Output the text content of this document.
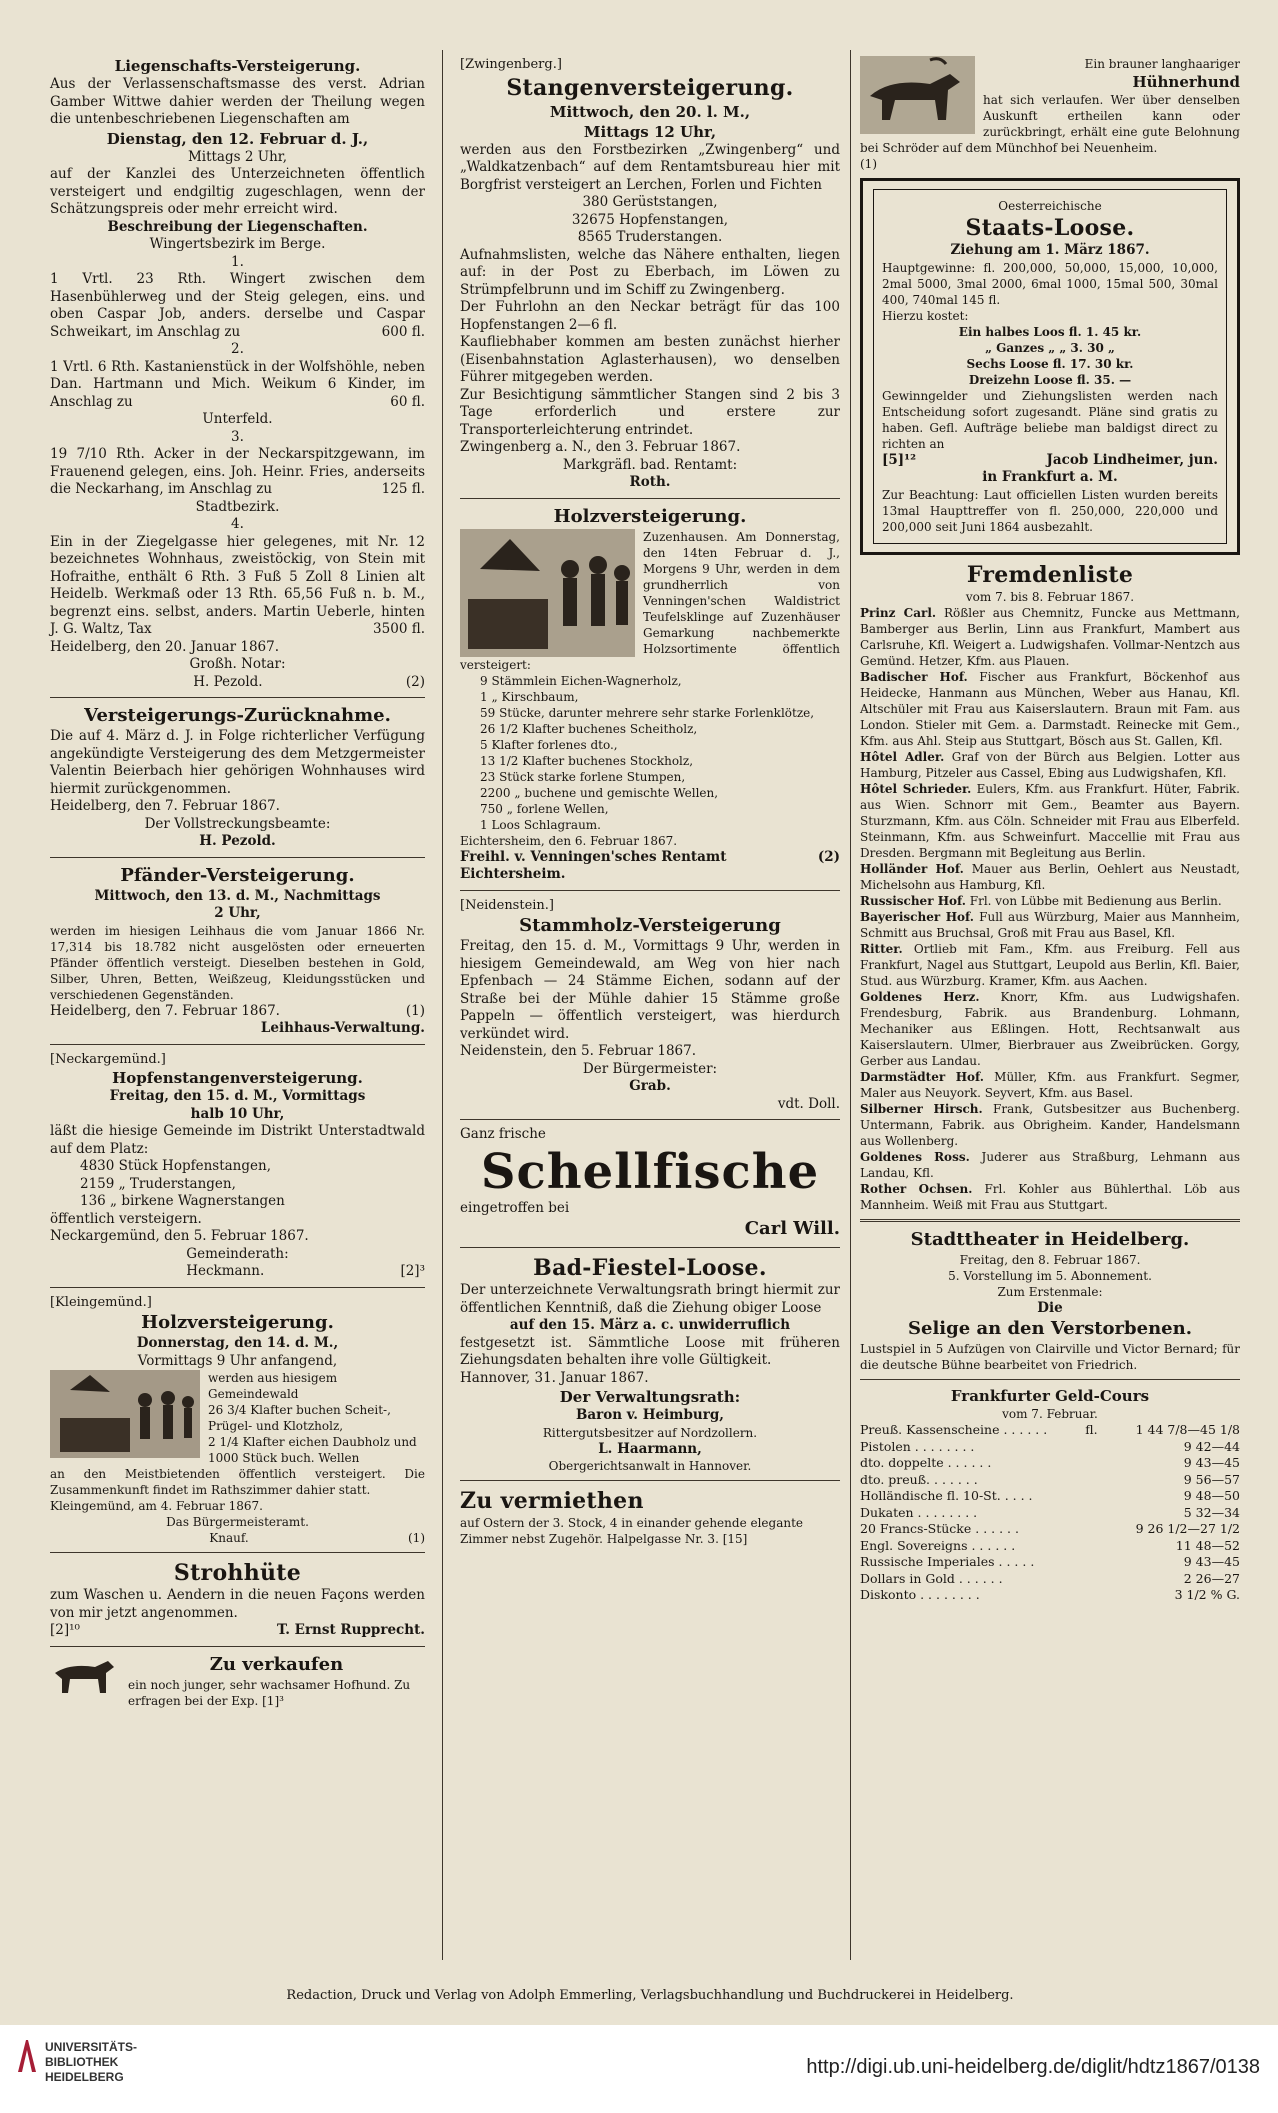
Liegenschafts-Versteigerung.
Aus der Verlassenschaftsmasse des verst. Adrian Gamber Wittwe dahier werden der Theilung wegen die untenbeschriebenen Liegenschaften am
Dienstag, den 12. Februar d. J.,
Mittags 2 Uhr,
auf der Kanzlei des Unterzeichneten öffentlich versteigert und endgiltig zugeschlagen, wenn der Schätzungspreis oder mehr erreicht wird.
Beschreibung der Liegenschaften.
Wingertsbezirk im Berge.
1.
1 Vrtl. 23 Rth. Wingert zwischen dem Hasenbühlerweg und der Steig gelegen, eins. und oben Caspar Job, anders. derselbe und Caspar Schweikart, im Anschlag zu	600 fl.
2.
1 Vrtl. 6 Rth. Kastanienstück in der Wolfshöhle, neben Dan. Hartmann und Mich. Weikum 6 Kinder, im Anschlag zu	60 fl.
Unterfeld.
3.
19 7/10 Rth. Acker in der Neckarspitzgewann, im Frauenend gelegen, eins. Joh. Heinr. Fries, anderseits die Neckarhang, im Anschlag zu	125 fl.
Stadtbezirk.
4.
Ein in der Ziegelgasse hier gelegenes, mit Nr. 12 bezeichnetes Wohnhaus, zweistöckig, von Stein mit Hofraithe, enthält 6 Rth. 3 Fuß 5 Zoll 8 Linien alt Heidelb. Werkmaß oder 13 Rth. 65,56 Fuß n. b. M., begrenzt eins. selbst, anders. Martin Ueberle, hinten J. G. Waltz, Tax	3500 fl.
Heidelberg, den 20. Januar 1867.
Großh. Notar:
H. Pezold.	(2)
Versteigerungs-Zurücknahme.
Die auf 4. März d. J. in Folge richterlicher Verfügung angekündigte Versteigerung des dem Metzgermeister Valentin Beierbach hier gehörigen Wohnhauses wird hiermit zurückgenommen.
Heidelberg, den 7. Februar 1867.
Der Vollstreckungsbeamte:
H. Pezold.
Pfänder-Versteigerung.
Mittwoch, den 13. d. M., Nachmittags
2 Uhr,
werden im hiesigen Leihhaus die vom Januar 1866 Nr. 17,314 bis 18.782 nicht ausgelösten oder erneuerten Pfänder öffentlich versteigt. Dieselben bestehen in Gold, Silber, Uhren, Betten, Weißzeug, Kleidungsstücken und verschiedenen Gegenständen.
Heidelberg, den 7. Februar 1867.	(1)
Leihhaus-Verwaltung.
[Neckargemünd.]
Hopfenstangenversteigerung.
Freitag, den 15. d. M., Vormittags
halb 10 Uhr,
läßt die hiesige Gemeinde im Distrikt Unterstadtwald auf dem Platz:
4830 Stück Hopfenstangen,
2159 „ Truderstangen,
136 „ birkene Wagnerstangen
öffentlich versteigern.
Neckargemünd, den 5. Februar 1867.
Gemeinderath:
Heckmann.	[2]³
[Kleingemünd.]
Holzversteigerung.
Donnerstag, den 14. d. M.,
Vormittags 9 Uhr anfangend,
werden aus hiesigem Gemeindewald
26 3/4 Klafter buchen Scheit-, Prügel- und Klotzholz,
2 1/4 Klafter eichen Daubholz und
1000 Stück buch. Wellen
an den Meistbietenden öffentlich versteigert. Die Zusammenkunft findet im Rathszimmer dahier statt.
Kleingemünd, am 4. Februar 1867.
Das Bürgermeisteramt.
Knauf.	(1)
Strohhüte
zum Waschen u. Aendern in die neuen Façons werden von mir jetzt angenommen.
[2]¹⁰	T. Ernst Rupprecht.
Zu verkaufen
ein noch junger, sehr wachsamer Hofhund. Zu erfragen bei der Exp. [1]³
[Zwingenberg.]
Stangenversteigerung.
Mittwoch, den 20. l. M.,
Mittags 12 Uhr,
werden aus den Forstbezirken „Zwingenberg“ und „Waldkatzenbach“ auf dem Rentamtsbureau hier mit Borgfrist versteigert an Lerchen, Forlen und Fichten
380 Gerüststangen,
32675 Hopfenstangen,
8565 Truderstangen.
Aufnahmslisten, welche das Nähere enthalten, liegen auf: in der Post zu Eberbach, im Löwen zu Strümpfelbrunn und im Schiff zu Zwingenberg.
Der Fuhrlohn an den Neckar beträgt für das 100 Hopfenstangen 2—6 fl.
Kaufliebhaber kommen am besten zunächst hierher (Eisenbahnstation Aglasterhausen), wo denselben Führer mitgegeben werden.
Zur Besichtigung sämmtlicher Stangen sind 2 bis 3 Tage erforderlich und erstere zur Transporterleichterung entrindet.
Zwingenberg a. N., den 3. Februar 1867.
Markgräfl. bad. Rentamt:
Roth.
Holzversteigerung.
Zuzenhausen. Am Donnerstag, den 14ten Februar d. J., Morgens 9 Uhr, werden in dem grundherrlich von Venningen'schen Waldistrict Teufelsklinge auf Zuzenhäuser Gemarkung nachbemerkte Holzsortimente öffentlich versteigert:
9 Stämmlein Eichen-Wagnerholz,
1 „ Kirschbaum,
59 Stücke, darunter mehrere sehr starke Forlenklötze,
26 1/2 Klafter buchenes Scheitholz,
5 Klafter forlenes dto.,
13 1/2 Klafter buchenes Stockholz,
23 Stück starke forlene Stumpen,
2200 „ buchene und gemischte Wellen,
750 „ forlene Wellen,
1 Loos Schlagraum.
Eichtersheim, den 6. Februar 1867.
Freihl. v. Venningen'sches Rentamt Eichtersheim.
(2)
[Neidenstein.]
Stammholz-Versteigerung
Freitag, den 15. d. M., Vormittags 9 Uhr, werden in hiesigem Gemeindewald, am Weg von hier nach Epfenbach — 24 Stämme Eichen, sodann auf der Straße bei der Mühle dahier 15 Stämme große Pappeln — öffentlich versteigert, was hierdurch verkündet wird.
Neidenstein, den 5. Februar 1867.
Der Bürgermeister:
Grab.
vdt. Doll.
Ganz frische
Schellfische
eingetroffen bei
Carl Will.
Bad-Fiestel-Loose.
Der unterzeichnete Verwaltungsrath bringt hiermit zur öffentlichen Kenntniß, daß die Ziehung obiger Loose
auf den 15. März a. c. unwiderruflich
festgesetzt ist. Sämmtliche Loose mit früheren Ziehungsdaten behalten ihre volle Gültigkeit.
Hannover, 31. Januar 1867.
Der Verwaltungsrath:
Baron v. Heimburg,
Rittergutsbesitzer auf Nordzollern.
L. Haarmann,
Obergerichtsanwalt in Hannover.
Zu vermiethen
auf Ostern der 3. Stock, 4 in einander gehende elegante Zimmer nebst Zugehör. Halpelgasse Nr. 3. [15]
Ein brauner langhaariger
Hühnerhund
hat sich verlaufen. Wer über denselben Auskunft ertheilen kann oder zurückbringt, erhält eine gute Belohnung bei Schröder auf dem Münchhof bei Neuenheim.
(1)
Oesterreichische
Staats-Loose.
Ziehung am 1. März 1867.
Hauptgewinne: fl. 200,000, 50,000, 15,000, 10,000, 2mal 5000, 3mal 2000, 6mal 1000, 15mal 500, 30mal 400, 740mal 145 fl.
Hierzu kostet:
Ein halbes Loos fl. 1. 45 kr.
„ Ganzes „ „ 3. 30 „
Sechs Loose fl. 17. 30 kr.
Dreizehn Loose fl. 35. —
Gewinngelder und Ziehungslisten werden nach Entscheidung sofort zugesandt. Pläne sind gratis zu haben. Gefl. Aufträge beliebe man baldigst direct zu richten an
[5]¹²	Jacob Lindheimer, jun.
in Frankfurt a. M.
Zur Beachtung: Laut officiellen Listen wurden bereits 13mal Haupttreffer von fl. 250,000, 220,000 und 200,000 seit Juni 1864 ausbezahlt.
Fremdenliste
vom 7. bis 8. Februar 1867.
Prinz Carl. Rößler aus Chemnitz, Funcke aus Mettmann, Bamberger aus Berlin, Linn aus Frankfurt, Mambert aus Carlsruhe, Kfl. Weigert a. Ludwigshafen. Vollmar-Nentzch aus Gemünd. Hetzer, Kfm. aus Plauen.
Badischer Hof. Fischer aus Frankfurt, Böckenhof aus Heidecke, Hanmann aus München, Weber aus Hanau, Kfl. Altschüler mit Frau aus Kaiserslautern. Braun mit Fam. aus London. Stieler mit Gem. a. Darmstadt. Reinecke mit Gem., Kfm. aus Ahl. Steip aus Stuttgart, Bösch aus St. Gallen, Kfl.
Hôtel Adler. Graf von der Bürch aus Belgien. Lotter aus Hamburg, Pitzeler aus Cassel, Ebing aus Ludwigshafen, Kfl.
Hôtel Schrieder. Eulers, Kfm. aus Frankfurt. Hüter, Fabrik. aus Wien. Schnorr mit Gem., Beamter aus Bayern. Sturzmann, Kfm. aus Cöln. Schneider mit Frau aus Elberfeld. Steinmann, Kfm. aus Schweinfurt. Maccellie mit Frau aus Dresden. Bergmann mit Begleitung aus Berlin.
Holländer Hof. Mauer aus Berlin, Oehlert aus Neustadt, Michelsohn aus Hamburg, Kfl.
Russischer Hof. Frl. von Lübbe mit Bedienung aus Berlin.
Bayerischer Hof. Full aus Würzburg, Maier aus Mannheim, Schmitt aus Bruchsal, Groß mit Frau aus Basel, Kfl.
Ritter. Ortlieb mit Fam., Kfm. aus Freiburg. Fell aus Frankfurt, Nagel aus Stuttgart, Leupold aus Berlin, Kfl. Baier, Stud. aus Würzburg. Kramer, Kfm. aus Aachen.
Goldenes Herz. Knorr, Kfm. aus Ludwigshafen. Frendesburg, Fabrik. aus Brandenburg. Lohmann, Mechaniker aus Eßlingen. Hott, Rechtsanwalt aus Kaiserslautern. Ulmer, Bierbrauer aus Zweibrücken. Gorgy, Gerber aus Landau.
Darmstädter Hof. Müller, Kfm. aus Frankfurt. Segmer, Maler aus Neuyork. Seyvert, Kfm. aus Basel.
Silberner Hirsch. Frank, Gutsbesitzer aus Buchenberg. Untermann, Fabrik. aus Obrigheim. Kander, Handelsmann aus Wollenberg.
Goldenes Ross. Juderer aus Straßburg, Lehmann aus Landau, Kfl.
Rother Ochsen. Frl. Kohler aus Bühlerthal. Löb aus Mannheim. Weiß mit Frau aus Stuttgart.
Stadttheater in Heidelberg.
Freitag, den 8. Februar 1867.
5. Vorstellung im 5. Abonnement.
Zum Erstenmale:
Die
Selige an den Verstorbenen.
Lustspiel in 5 Aufzügen von Clairville und Victor Bernard; für die deutsche Bühne bearbeitet von Friedrich.
Frankfurter Geld-Cours
vom 7. Februar.
Preuß. Kassenscheine . . . . . .	fl.	1 44 7/8—45 1/8
Pistolen . . . . . . . .	9 42—44
dto. doppelte . . . . . .	9 43—45
dto. preuß. . . . . . .	9 56—57
Holländische fl. 10-St. . . . .	9 48—50
Dukaten . . . . . . . .	5 32—34
20 Francs-Stücke . . . . . .	9 26 1/2—27 1/2
Engl. Sovereigns . . . . . .	11 48—52
Russische Imperiales . . . . .	9 43—45
Dollars in Gold . . . . . .	2 26—27
Diskonto . . . . . . . .	3 1/2 % G.
Redaction, Druck und Verlag von Adolph Emmerling, Verlagsbuchhandlung und Buchdruckerei in Heidelberg.
UNIVERSITÄTS-
BIBLIOTHEK
HEIDELBERG	http://digi.ub.uni-heidelberg.de/diglit/hdtz1867/0138
